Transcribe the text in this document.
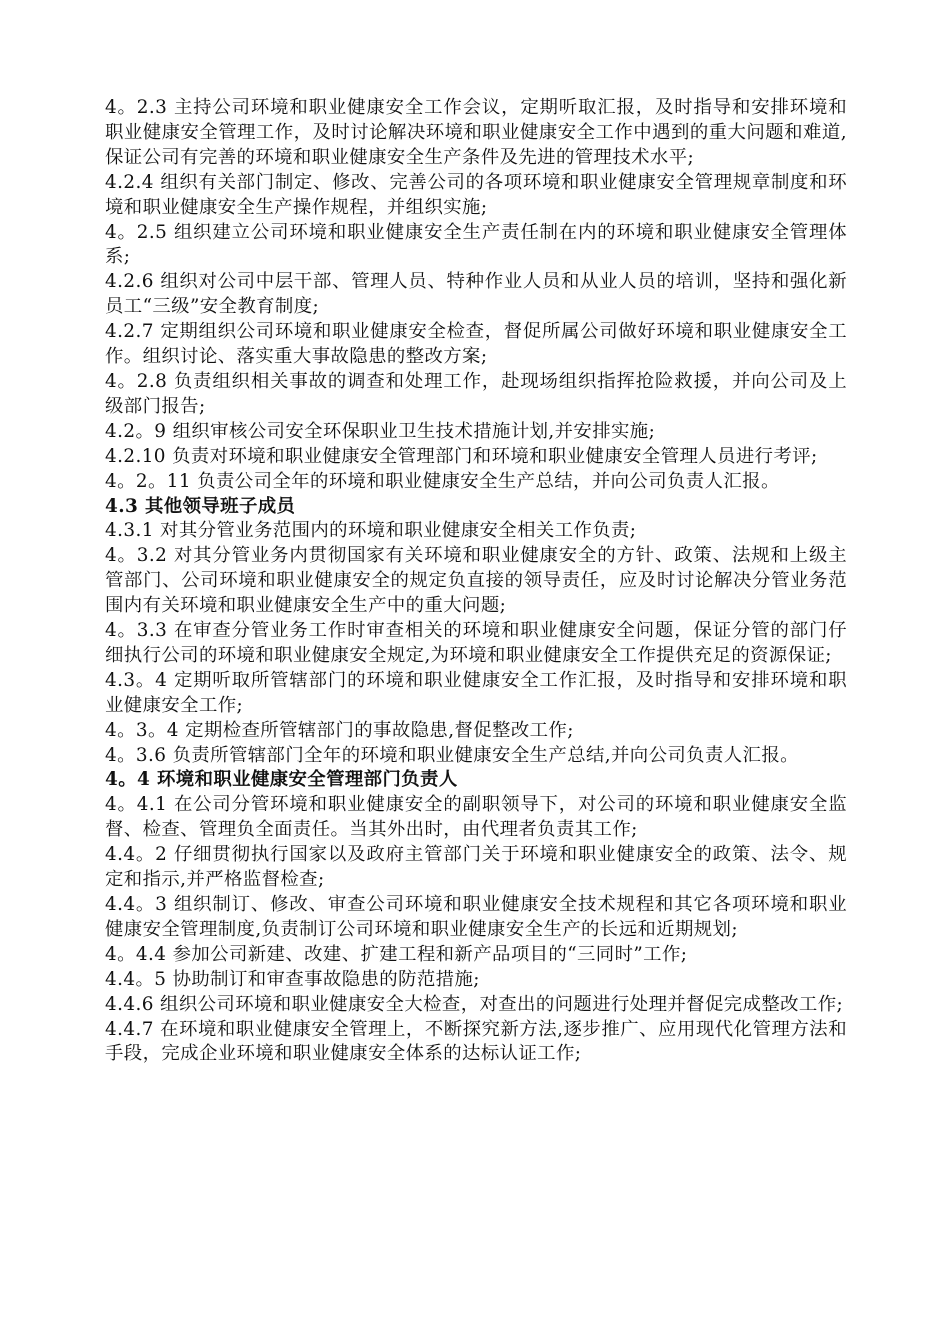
4。2.3 主持公司环境和职业健康安全工作会议，定期听取汇报，及时指导和安排环境和职业健康安全管理工作，及时讨论解决环境和职业健康安全工作中遇到的重大问题和难道,保证公司有完善的环境和职业健康安全生产条件及先进的管理技术水平;

4.2.4 组织有关部门制定、修改、完善公司的各项环境和职业健康安全管理规章制度和环境和职业健康安全生产操作规程，并组织实施;

4。2.5 组织建立公司环境和职业健康安全生产责任制在内的环境和职业健康安全管理体系;

4.2.6 组织对公司中层干部、管理人员、特种作业人员和从业人员的培训，坚持和强化新员工“三级”安全教育制度;

4.2.7 定期组织公司环境和职业健康安全检查，督促所属公司做好环境和职业健康安全工作。组织讨论、落实重大事故隐患的整改方案;

4。2.8 负责组织相关事故的调查和处理工作，赴现场组织指挥抢险救援，并向公司及上级部门报告;

4.2。9 组织审核公司安全环保职业卫生技术措施计划,并安排实施;

4.2.10 负责对环境和职业健康安全管理部门和环境和职业健康安全管理人员进行考评;

4。2。11 负责公司全年的环境和职业健康安全生产总结，并向公司负责人汇报。

4.3 其他领导班子成员

4.3.1 对其分管业务范围内的环境和职业健康安全相关工作负责;

4。3.2 对其分管业务内贯彻国家有关环境和职业健康安全的方针、政策、法规和上级主管部门、公司环境和职业健康安全的规定负直接的领导责任，应及时讨论解决分管业务范围内有关环境和职业健康安全生产中的重大问题;

4。3.3 在审查分管业务工作时审查相关的环境和职业健康安全问题，保证分管的部门仔细执行公司的环境和职业健康安全规定,为环境和职业健康安全工作提供充足的资源保证;

4.3。4 定期听取所管辖部门的环境和职业健康安全工作汇报，及时指导和安排环境和职业健康安全工作;

4。3。4 定期检查所管辖部门的事故隐患,督促整改工作;

4。3.6 负责所管辖部门全年的环境和职业健康安全生产总结,并向公司负责人汇报。

4。4 环境和职业健康安全管理部门负责人

4。4.1 在公司分管环境和职业健康安全的副职领导下，对公司的环境和职业健康安全监督、检查、管理负全面责任。当其外出时，由代理者负责其工作;

4.4。2 仔细贯彻执行国家以及政府主管部门关于环境和职业健康安全的政策、法令、规定和指示,并严格监督检查;

4.4。3 组织制订、修改、审查公司环境和职业健康安全技术规程和其它各项环境和职业健康安全管理制度,负责制订公司环境和职业健康安全生产的长远和近期规划;

4。4.4 参加公司新建、改建、扩建工程和新产品项目的“三同时”工作;

4.4。5 协助制订和审查事故隐患的防范措施;

4.4.6 组织公司环境和职业健康安全大检查，对查出的问题进行处理并督促完成整改工作;

4.4.7 在环境和职业健康安全管理上，不断探究新方法,逐步推广、应用现代化管理方法和手段，完成企业环境和职业健康安全体系的达标认证工作;
